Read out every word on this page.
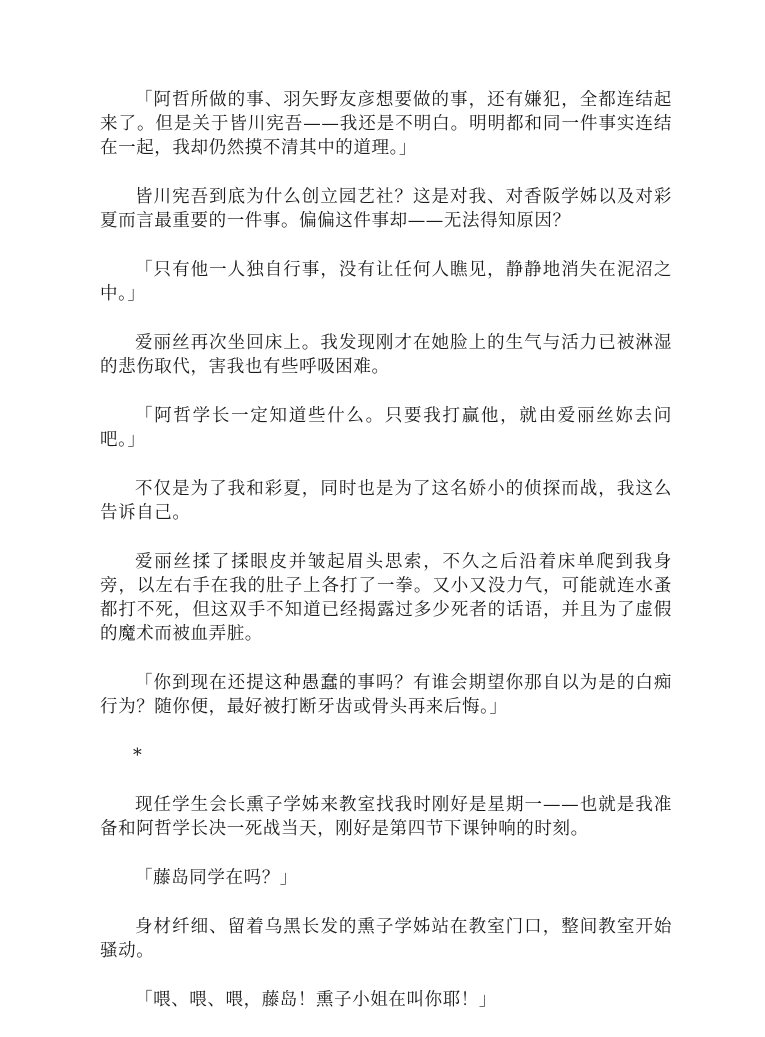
「阿哲所做的事、羽矢野友彦想要做的事，还有嫌犯，全都连结起来了。但是关于皆川宪吾——我还是不明白。明明都和同一件事实连结在一起，我却仍然摸不清其中的道理。」

皆川宪吾到底为什么创立园艺社？这是对我、对香阪学姊以及对彩夏而言最重要的一件事。偏偏这件事却——无法得知原因？

「只有他一人独自行事，没有让任何人瞧见，静静地消失在泥沼之中。」

爱丽丝再次坐回床上。我发现刚才在她脸上的生气与活力已被淋湿的悲伤取代，害我也有些呼吸困难。

「阿哲学长一定知道些什么。只要我打赢他，就由爱丽丝妳去问吧。」

不仅是为了我和彩夏，同时也是为了这名娇小的侦探而战，我这么告诉自己。

爱丽丝揉了揉眼皮并皱起眉头思索，不久之后沿着床单爬到我身旁，以左右手在我的肚子上各打了一拳。又小又没力气，可能就连水蚤都打不死，但这双手不知道已经揭露过多少死者的话语，并且为了虚假的魔术而被血弄脏。

「你到现在还提这种愚蠢的事吗？有谁会期望你那自以为是的白痴行为？随你便，最好被打断牙齿或骨头再来后悔。」

*

现任学生会长熏子学姊来教室找我时刚好是星期一——也就是我准备和阿哲学长决一死战当天，刚好是第四节下课钟响的时刻。

「藤岛同学在吗？」

身材纤细、留着乌黑长发的熏子学姊站在教室门口，整间教室开始骚动。

「喂、喂、喂，藤岛！熏子小姐在叫你耶！」
